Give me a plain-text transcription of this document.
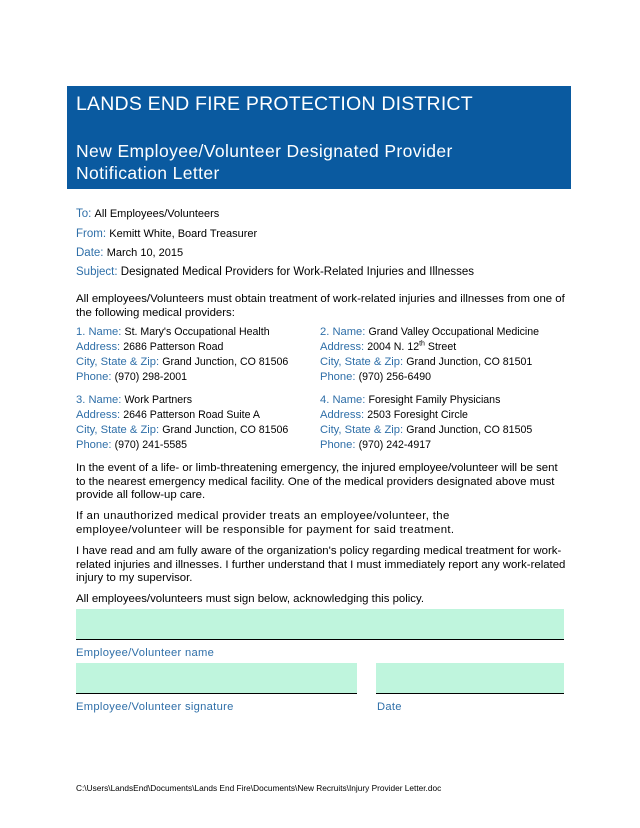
LANDS END FIRE PROTECTION DISTRICT
New Employee/Volunteer Designated Provider
Notification Letter
To: All Employees/Volunteers
From: Kemitt White, Board Treasurer
Date: March 10, 2015
Subject: Designated Medical Providers for Work-Related Injuries and Illnesses
All employees/Volunteers must obtain treatment of work-related injuries and illnesses from one of the following medical providers:
1. Name: St. Mary's Occupational Health
Address: 2686 Patterson Road
City, State & Zip: Grand Junction, CO 81506
Phone: (970) 298-2001
2. Name: Grand Valley Occupational Medicine
Address: 2004 N. 12th Street
City, State & Zip: Grand Junction, CO 81501
Phone: (970) 256-6490
3. Name: Work Partners
Address: 2646 Patterson Road Suite A
City, State & Zip: Grand Junction, CO 81506
Phone: (970) 241-5585
4. Name: Foresight Family Physicians
Address: 2503 Foresight Circle
City, State & Zip: Grand Junction, CO 81505
Phone: (970) 242-4917
In the event of a life- or limb-threatening emergency, the injured employee/volunteer will be sent to the nearest emergency medical facility. One of the medical providers designated above must provide all follow-up care.
If an unauthorized medical provider treats an employee/volunteer, the employee/volunteer will be responsible for payment for said treatment.
I have read and am fully aware of the organization's policy regarding medical treatment for work-related injuries and illnesses. I further understand that I must immediately report any work-related injury to my supervisor.
All employees/volunteers must sign below, acknowledging this policy.
Employee/Volunteer name
Employee/Volunteer signature	Date
C:\Users\LandsEnd\Documents\Lands End Fire\Documents\New Recruits\Injury Provider Letter.doc
